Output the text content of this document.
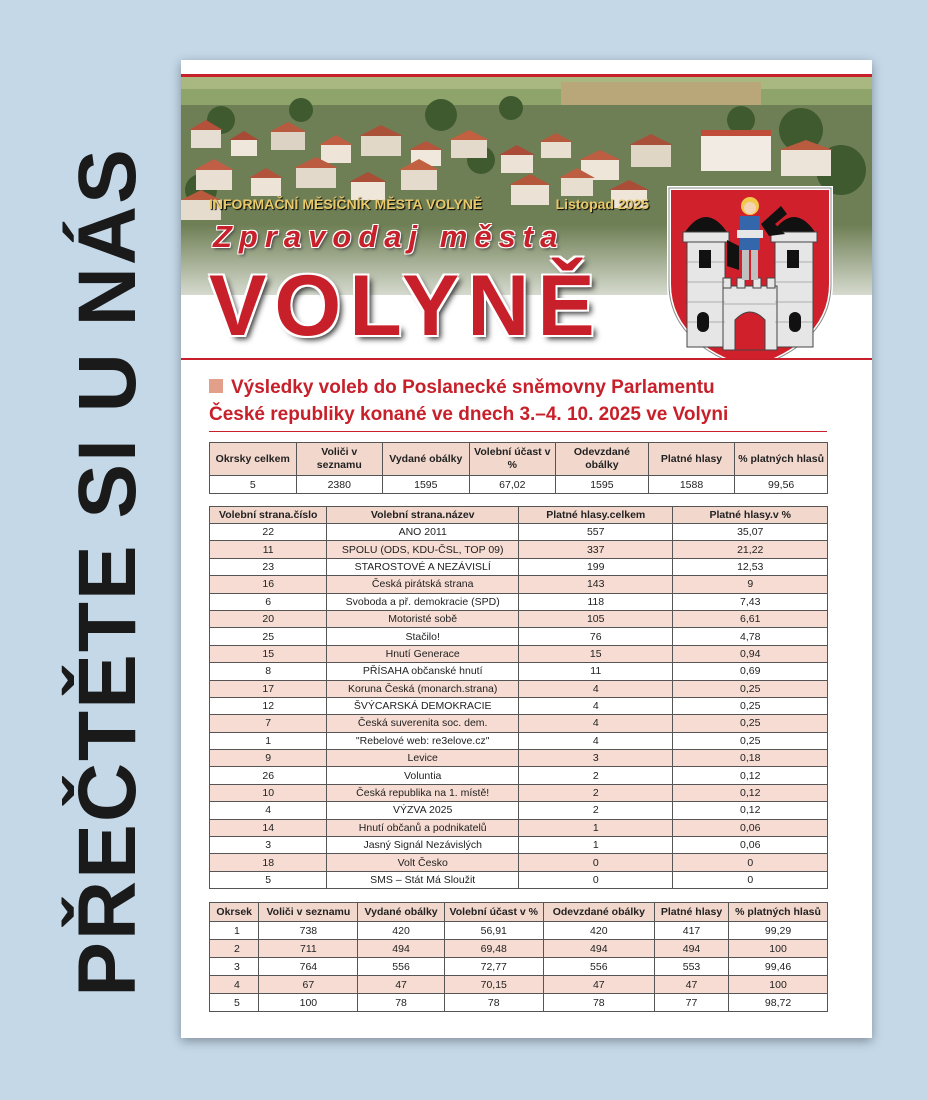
PŘEČTĚTE SI U NÁS	INFORMAČNÍ MĚSÍČNÍK MĚSTA VOLYNĚ	Listopad 2025
Zpravodaj města
VOLYNĚ
Výsledky voleb do Poslanecké sněmovny Parlamentu
České republiky konané ve dnech 3.–4. 10. 2025 ve Volyni
Okrsky celkem	Voliči v seznamu	Vydané obálky	Volební účast v %	Odevzdané obálky	Platné hlasy	% platných hlasů
5	2380	1595	67,02	1595	1588	99,56
Volební strana.číslo	Volební strana.název	Platné hlasy.celkem	Platné hlasy.v %
22	ANO 2011	557	35,07
11	SPOLU (ODS, KDU-ČSL, TOP 09)	337	21,22
23	STAROSTOVÉ A NEZÁVISLÍ	199	12,53
16	Česká pirátská strana	143	9
6	Svoboda a př. demokracie (SPD)	118	7,43
20	Motoristé sobě	105	6,61
25	Stačilo!	76	4,78
15	Hnutí Generace	15	0,94
8	PŘÍSAHA občanské hnutí	11	0,69
17	Koruna Česká (monarch.strana)	4	0,25
12	ŠVÝCARSKÁ DEMOKRACIE	4	0,25
7	Česká suverenita soc. dem.	4	0,25
1	"Rebelové web: re3elove.cz"	4	0,25
9	Levice	3	0,18
26	Voluntia	2	0,12
10	Česká republika na 1. místě!	2	0,12
4	VÝZVA 2025	2	0,12
14	Hnutí občanů a podnikatelů	1	0,06
3	Jasný Signál Nezávislých	1	0,06
18	Volt Česko	0	0
5	SMS – Stát Má Sloužit	0	0
Okrsek	Voliči v seznamu	Vydané obálky	Volební účast v %	Odevzdané obálky	Platné hlasy	% platných hlasů
1	738	420	56,91	420	417	99,29
2	711	494	69,48	494	494	100
3	764	556	72,77	556	553	99,46
4	67	47	70,15	47	47	100
5	100	78	78	78	77	98,72
